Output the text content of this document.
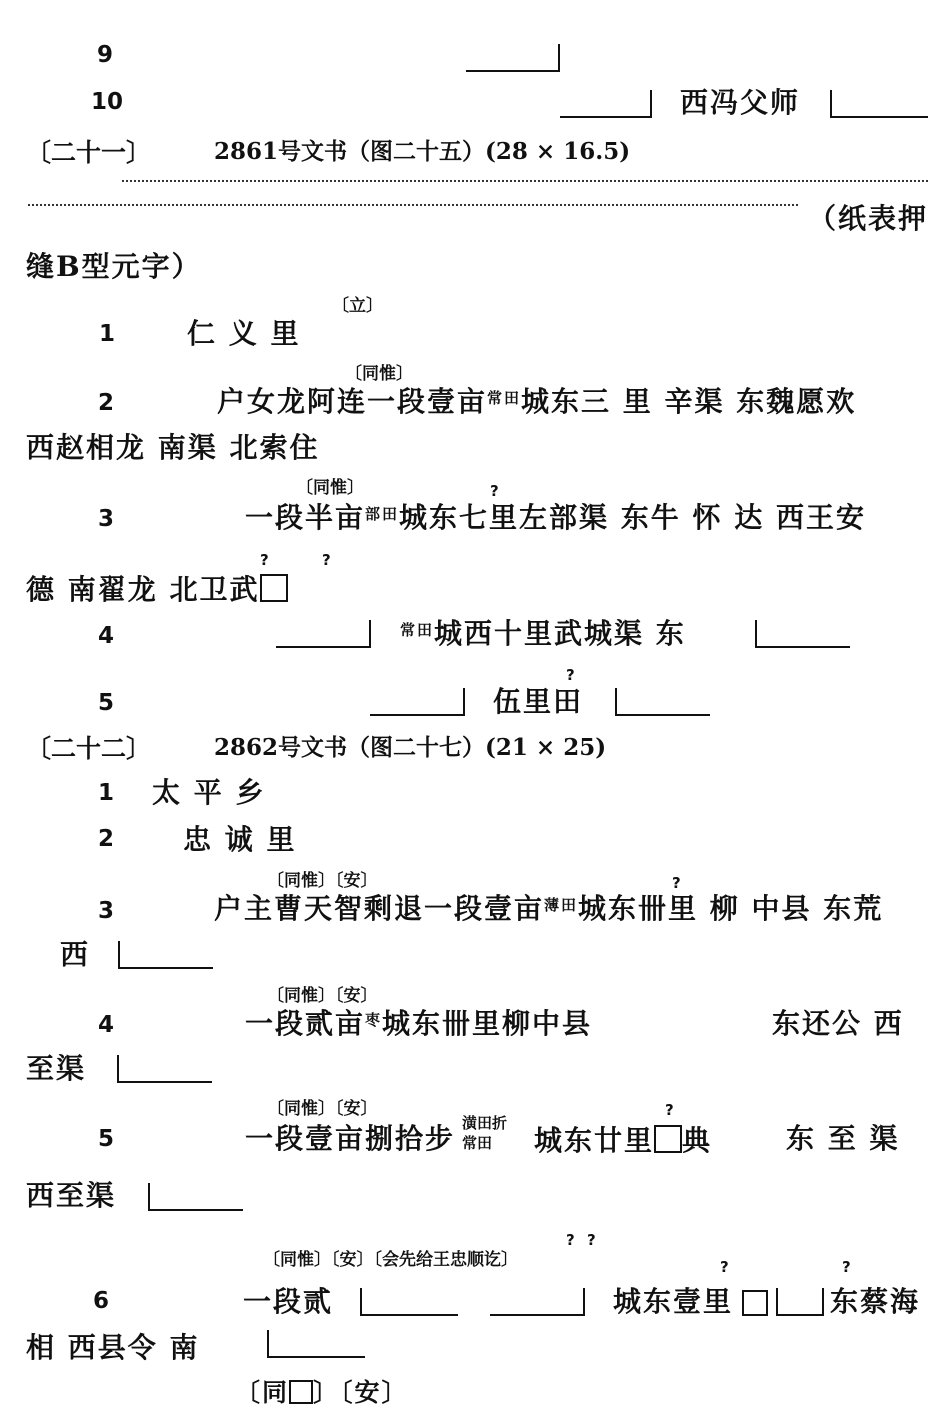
9
10	西冯父师
〔二十一〕	2861号文书（图二十五）(28 × 16.5)
（纸表押
缝B型元字）
〔立〕
1	仁 义 里
〔同惟〕
2	户女龙阿连一段壹亩$^{常田}$城东三 里 辛渠 东魏愿欢
西赵相龙 南渠 北索住
〔同惟〕	?
3	一段半亩$^{部田}$城东七里左部渠 东牛 怀 达 西王安
?	?
德 南翟龙 北卫武
4	$^{常田}$城西十里武城渠 东
?
5	伍里田
〔二十二〕	2862号文书（图二十七）(21 × 25)
1 太 平 乡
2 忠 诚 里
〔同惟〕〔安〕	?
3	户主曹天智剩退一段壹亩$^{薄田}$城东卌里 柳 中县 东荒
西
〔同惟〕〔安〕
4	一段贰亩$^枣$城东卌里柳中县	东还公 西
至渠
〔同惟〕〔安〕	?
5	一段壹亩捌拾步 潢田折
常田 城东廿里 典	东 至 渠
西至渠
? ?
〔同惟〕〔安〕〔会先给王忠顺讫〕	?	?
6	一段贰	城东壹里	东蔡海
相 西县令 南
〔同 〕〔安〕
